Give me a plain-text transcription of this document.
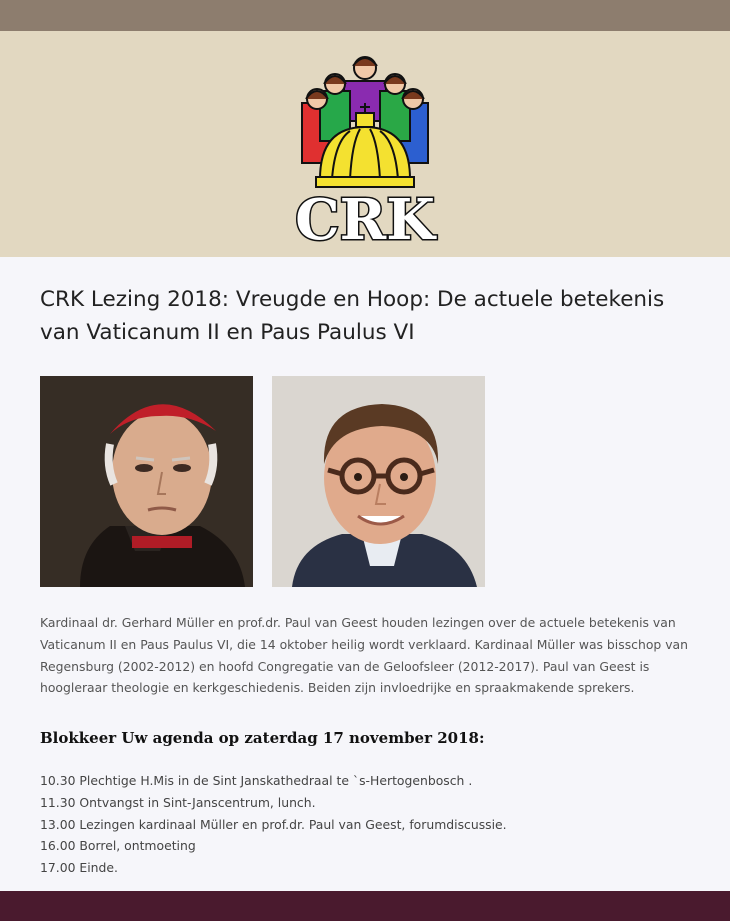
CRK
CRK Lezing 2018: Vreugde en Hoop: De actuele betekenis van Vaticanum II en Paus Paulus VI

Kardinaal dr. Gerhard Müller en prof.dr. Paul van Geest houden lezingen over de actuele betekenis van Vaticanum II en Paus Paulus VI, die 14 oktober heilig wordt verklaard. Kardinaal Müller was bisschop van Regensburg (2002-2012) en hoofd Congregatie van de Geloofsleer (2012-2017). Paul van Geest is hoogleraar theologie en kerkgeschiedenis. Beiden zijn invloedrijke en spraakmakende sprekers.

Blokkeer Uw agenda op zaterdag 17 november 2018:
10.30 Plechtige H.Mis in de Sint Janskathedraal te `s-Hertogenbosch .
11.30 Ontvangst in Sint-Janscentrum, lunch.
13.00 Lezingen kardinaal Müller en prof.dr. Paul van Geest, forumdiscussie.
16.00 Borrel, ontmoeting
17.00 Einde.
